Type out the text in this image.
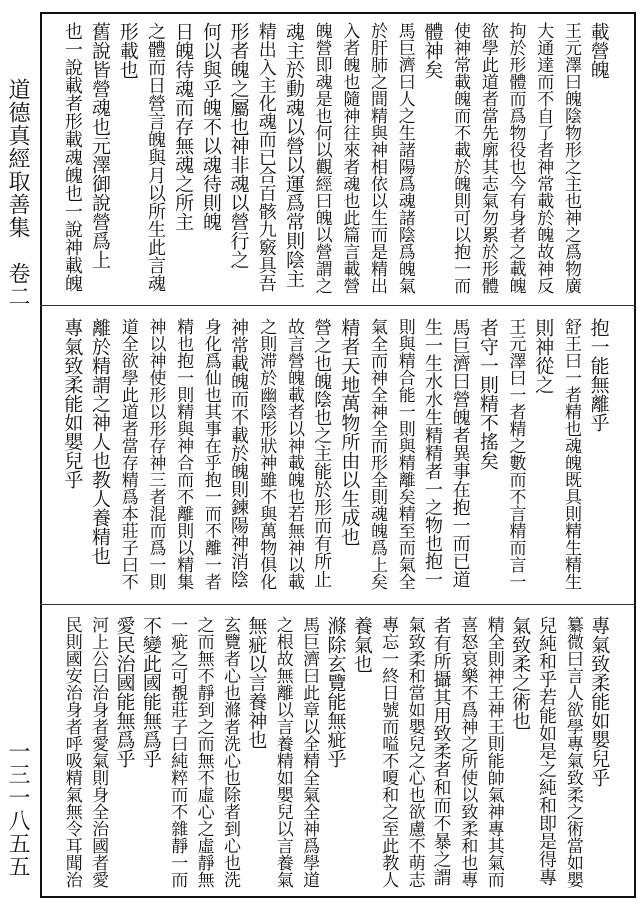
道德真經取善集　卷二
一三一八五五
載營魄
王元澤曰魄陰物形之主也神之爲物廣
大通達而不自了者神常載於魄故神反
拘於形體而爲物役也今有身者之載魄
欲學此道者當先廓其志氣勿累於形體
使神常載魄而不載於魄則可以抱一而
體神矣
馬巨濟曰人之生諸陽爲魂諸陰爲魄氣
於肝肺之間精與神相依以生而是精出
入者魄也隨神往來者魂也此篇言載營
魄營即魂是也何以觀經曰魄以營謂之
魂主於動魂以營以運爲常則陰主
精出入主化魂而已合百骸九竅具吾
形者魄之屬也神非魂以營行之
何以與乎魄不以魂待則魄
日魄待魂而存無魂之所主
之體而日營言魄與月以所生此言魂
形載也
舊說皆營魂也元澤御說營爲上
也一說載者形載魂魄也一說神載魄
抱一能無離乎
舒王曰一者精也魂魄既具則精生精生
則神從之
王元澤曰一者精之數而不言精而言一
者守一則精不搖矣
馬巨濟曰營魄者異事在抱一而已道
生一生水水生精精者一之物也抱一
則與精合能一則與精離矣精至而氣全
氣全而神全神全而形全則魂魄爲上矣
精者天地萬物所由以生成也
營之也魄陰也之主能於形而有所止
故言營魄載者以神載魄也若無神以載
之則滞於幽陰形狀神雖不與萬物俱化
神常載魄而不載於魄則鍊陽神消陰
身化爲仙也其事在乎抱一而不離一者
精也抱一則精與神合而不離則以精集
神以神使形以形存神三者混而爲一則
道全欲學此道者當存精爲本莊子曰不
離於精謂之神人也教人養精也
專氣致柔能如嬰兒乎
專氣致柔能如嬰兒乎
纂微曰言人欲學專氣致柔之術當如嬰
兒純和乎若能如是之純和即是得專
氣致柔之術也
精全則神王神王則能帥氣神專其氣而
喜怒哀樂不爲神之所使以致柔和也專
者有所攝其用致柔者和而不暴之謂
氣致柔和當如嬰兒之心也欲慮不萌志
專忘一終日號而嗌不嗄和之至此教人
養氣也
滌除玄覽能無疵乎
馬巨濟曰此章以全精全氣全神爲學道
之根故無離以言養精如嬰兒以言養氣
無疵以言養神也
玄覽者心也滌者洗心也除者到心也洗
之而無不靜到之而無不虛心之虛靜無
一疵之可覩莊子曰純粹而不雜靜一而
不變此國能無爲乎
愛民治國能無爲乎
河上公曰治身者愛氣則身全治國者愛
民則國安治身者呼吸精氣無令耳聞治
